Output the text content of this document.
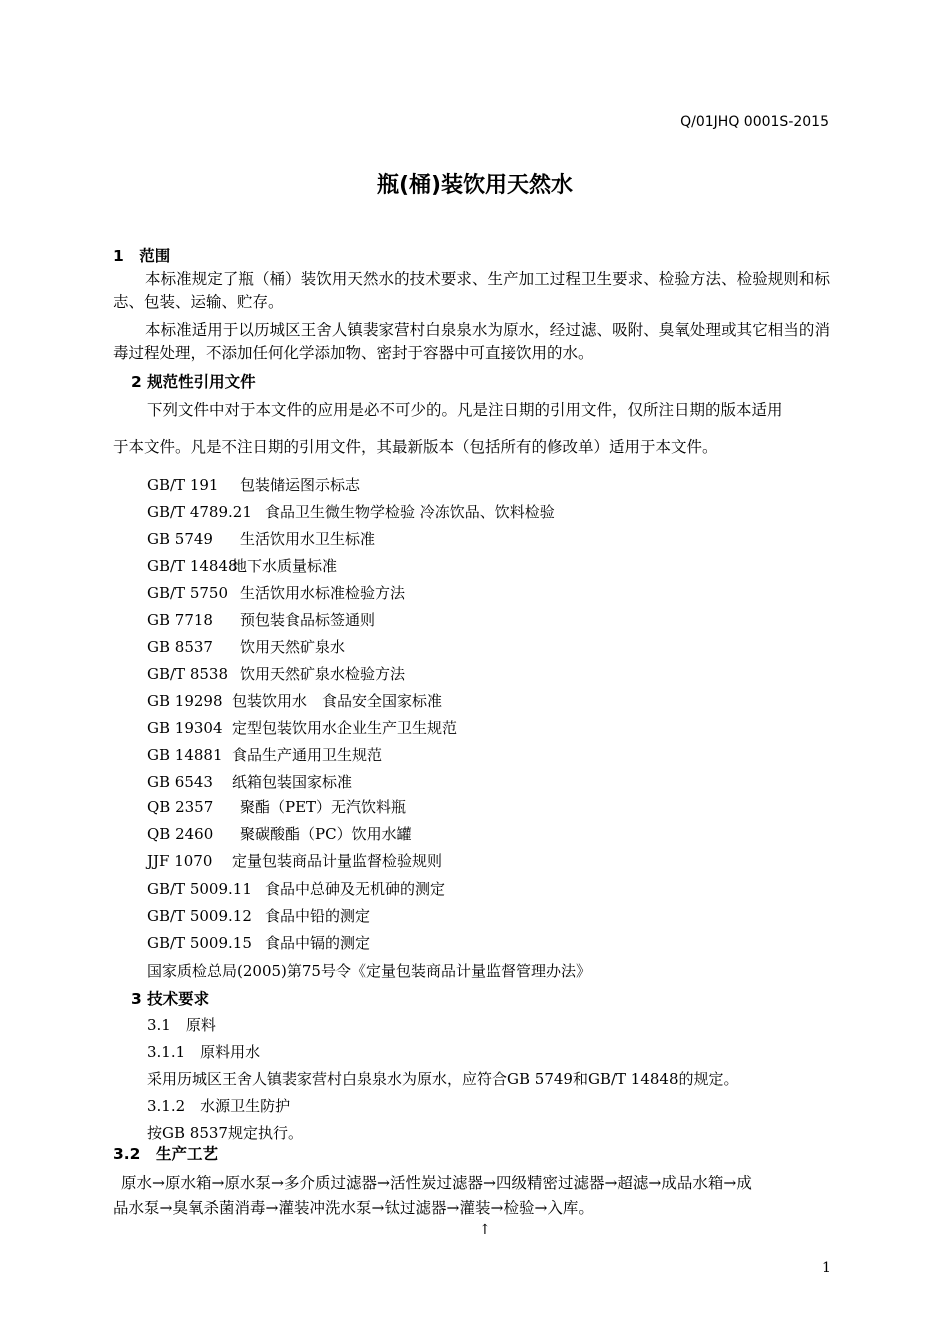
Q/01JHQ 0001S-2015
瓶(桶)装饮用天然水
1　范围
本标准规定了瓶（桶）装饮用天然水的技术要求、生产加工过程卫生要求、检验方法、检验规则和标志、包装、运输、贮存。
本标准适用于以历城区王舍人镇裴家营村白泉泉水为原水，经过滤、吸附、臭氧处理或其它相当的消毒过程处理，不添加任何化学添加物、密封于容器中可直接饮用的水。
2 规范性引用文件
下列文件中对于本文件的应用是必不可少的。凡是注日期的引用文件，仅所注日期的版本适用
于本文件。凡是不注日期的引用文件，其最新版本（包括所有的修改单）适用于本文件。
GB/T 191 包装储运图示标志
GB/T 4789.21 食品卫生微生物学检验 冷冻饮品、饮料检验
GB 5749 生活饮用水卫生标准
GB/T 14848地下水质量标准
GB/T 5750 生活饮用水标准检验方法
GB 7718 预包装食品标签通则
GB 8537 饮用天然矿泉水
GB/T 8538 饮用天然矿泉水检验方法
GB 19298 包装饮用水　食品安全国家标准
GB 19304 定型包装饮用水企业生产卫生规范
GB 14881 食品生产通用卫生规范
GB 6543 纸箱包装国家标准
QB 2357 聚酯（PET）无汽饮料瓶
QB 2460 聚碳酸酯（PC）饮用水罐
JJF 1070 定量包装商品计量监督检验规则
GB/T 5009.11 食品中总砷及无机砷的测定
GB/T 5009.12 食品中铅的测定
GB/T 5009.15 食品中镉的测定
国家质检总局(2005)第75号令《定量包装商品计量监督管理办法》
3 技术要求
3.1　原料
3.1.1　原料用水
采用历城区王舍人镇裴家营村白泉泉水为原水，应符合GB 5749和GB/T 14848的规定。
3.1.2　水源卫生防护
按GB 8537规定执行。
3.2　生产工艺
原水→原水箱→原水泵→多介质过滤器→活性炭过滤器→四级精密过滤器→超滤→成品水箱→成
品水泵→臭氧杀菌消毒→灌装冲洗水泵→钛过滤器→灌装→检验→入库。
↑
1
